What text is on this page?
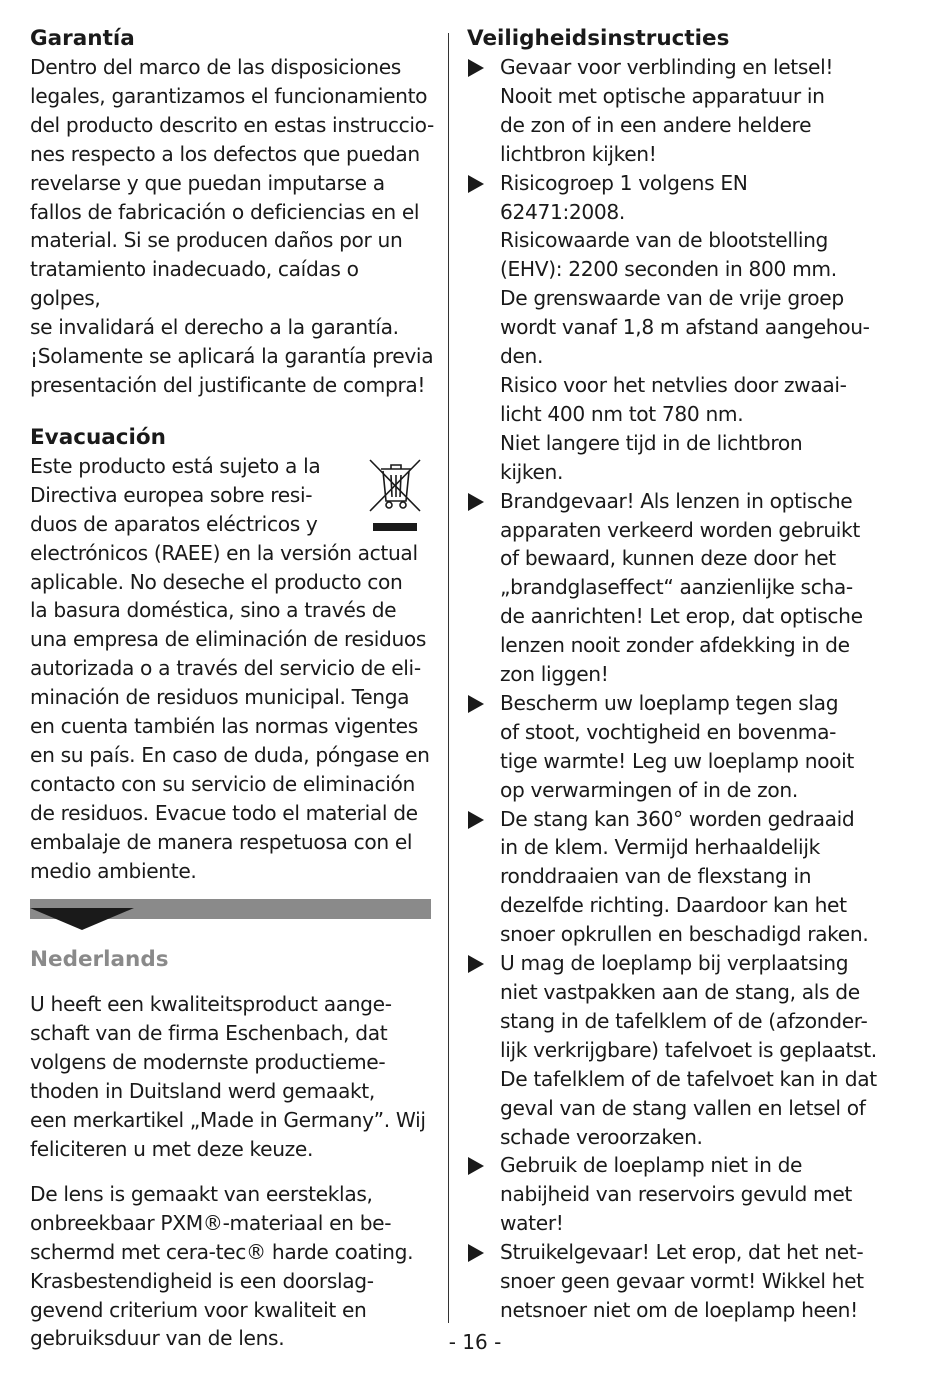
Garantía

Dentro del marco de las disposiciones
legales, garantizamos el funcionamiento
del producto descrito en estas instruccio-
nes respecto a los defectos que puedan
revelarse y que puedan imputarse a
fallos de fabricación o deficiencias en el
material. Si se producen daños por un
tratamiento inadecuado, caídas o golpes,
se invalidará el derecho a la garantía.
¡Solamente se aplicará la garantía previa
presentación del justificante de compra!

Evacuación

Este producto está sujeto a la
Directiva europea sobre resi-
duos de aparatos eléctricos y
electrónicos (RAEE) en la versión actual
aplicable. No deseche el producto con
la basura doméstica, sino a través de
una empresa de eliminación de residuos
autorizada o a través del servicio de eli-
minación de residuos municipal. Tenga
en cuenta también las normas vigentes
en su país. En caso de duda, póngase en
contacto con su servicio de eliminación
de residuos. Evacue todo el material de
embalaje de manera respetuosa con el
medio ambiente.

Nederlands

U heeft een kwaliteitsproduct aange-
schaft van de firma Eschenbach, dat
volgens de modernste productieme-
thoden in Duitsland werd gemaakt,
een merkartikel „Made in Germany”. Wij
feliciteren u met deze keuze.

De lens is gemaakt van eersteklas,
onbreekbaar PXM®-materiaal en be-
schermd met cera-tec® harde coating.
Krasbestendigheid is een doorslag-
gevend criterium voor kwaliteit en
gebruiksduur van de lens.

Veiligheidsinstructies

Gevaar voor verblinding en letsel!
Nooit met optische apparatuur in
de zon of in een andere heldere
lichtbron kijken!

Risicogroep 1 volgens EN
62471:2008.
Risicowaarde van de blootstelling
(EHV): 2200 seconden in 800 mm.
De grenswaarde van de vrije groep
wordt vanaf 1,8 m afstand aangehou-
den.
Risico voor het netvlies door zwaai-
licht 400 nm tot 780 nm.
Niet langere tijd in de lichtbron
kijken.

Brandgevaar! Als lenzen in optische
apparaten verkeerd worden gebruikt
of bewaard, kunnen deze door het
„brandglaseffect“ aanzienlijke scha-
de aanrichten! Let erop, dat optische
lenzen nooit zonder afdekking in de
zon liggen!

Bescherm uw loeplamp tegen slag
of stoot, vochtigheid en bovenma-
tige warmte! Leg uw loeplamp nooit
op verwarmingen of in de zon.

De stang kan 360° worden gedraaid
in de klem. Vermijd herhaaldelijk
ronddraaien van de flexstang in
dezelfde richting. Daardoor kan het
snoer opkrullen en beschadigd raken.

U mag de loeplamp bij verplaatsing
niet vastpakken aan de stang, als de
stang in de tafelklem of de (afzonder-
lijk verkrijgbare) tafelvoet is geplaatst.
De tafelklem of de tafelvoet kan in dat
geval van de stang vallen en letsel of
schade veroorzaken.

Gebruik de loeplamp niet in de
nabijheid van reservoirs gevuld met
water!

Struikelgevaar! Let erop, dat het net-
snoer geen gevaar vormt! Wikkel het
netsnoer niet om de loeplamp heen!

- 16 -
